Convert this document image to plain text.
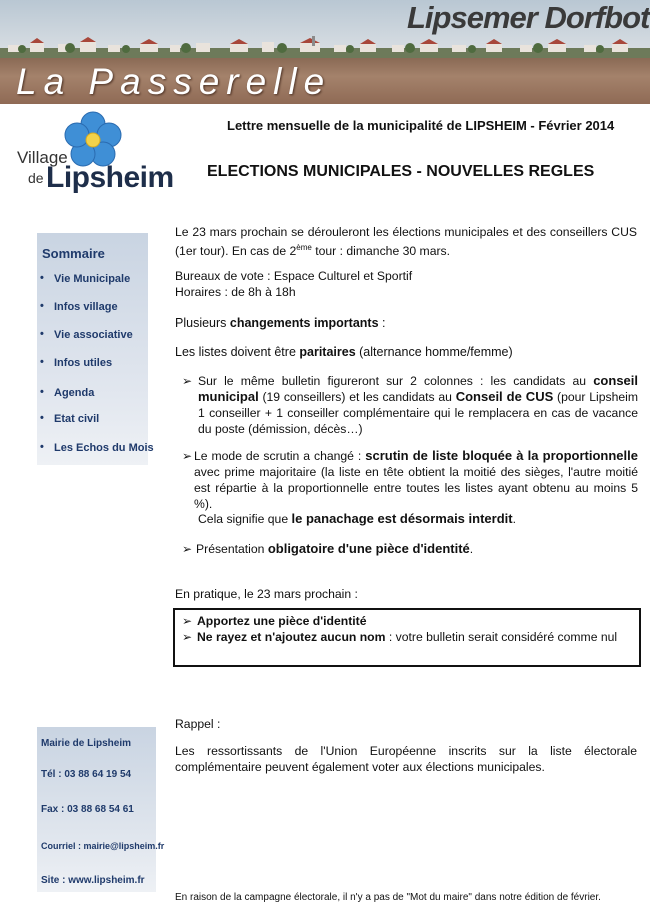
Lipsemer Dorfbot
La Passerelle
Village
de Lipsheim
Lettre mensuelle de la municipalité de LIPSHEIM - Février 2014
ELECTIONS MUNICIPALES - NOUVELLES REGLES
Sommaire
• Vie Municipale
• Infos village
• Vie associative
• Infos utiles
• Agenda
• Etat civil
• Les Echos du Mois
Mairie de Lipsheim
Tél : 03 88 64 19 54
Fax : 03 88 68 54 61
Courriel : mairie@lipsheim.fr
Site : www.lipsheim.fr
Le 23 mars prochain se dérouleront les élections municipales et des conseillers CUS (1er tour). En cas de 2ème tour : dimanche 30 mars.
Bureaux de vote : Espace Culturel et Sportif
Horaires : de 8h à 18h
Plusieurs changements importants :
Les listes doivent être paritaires (alternance homme/femme)
➢ Sur le même bulletin figureront sur 2 colonnes : les candidats au conseil municipal (19 conseillers) et les candidats au Conseil de CUS (pour Lipsheim 1 conseiller + 1 conseiller complémentaire qui le remplacera en cas de vacance du poste (démission, décès…)
➢ Le mode de scrutin a changé : scrutin de liste bloquée à la proportionnelle avec prime majoritaire (la liste en tête obtient la moitié des sièges, l'autre moitié est répartie à la proportionnelle entre toutes les listes ayant obtenu au moins 5 %).
Cela signifie que le panachage est désormais interdit.
➢ Présentation obligatoire d'une pièce d'identité.
En pratique, le 23 mars prochain :
➢ Apportez une pièce d'identité
➢ Ne rayez et n'ajoutez aucun nom : votre bulletin serait considéré comme nul
Rappel :
Les ressortissants de l'Union Européenne inscrits sur la liste électorale complémentaire peuvent également voter aux élections municipales.
En raison de la campagne électorale, il n'y a pas de "Mot du maire" dans notre édition de février.
